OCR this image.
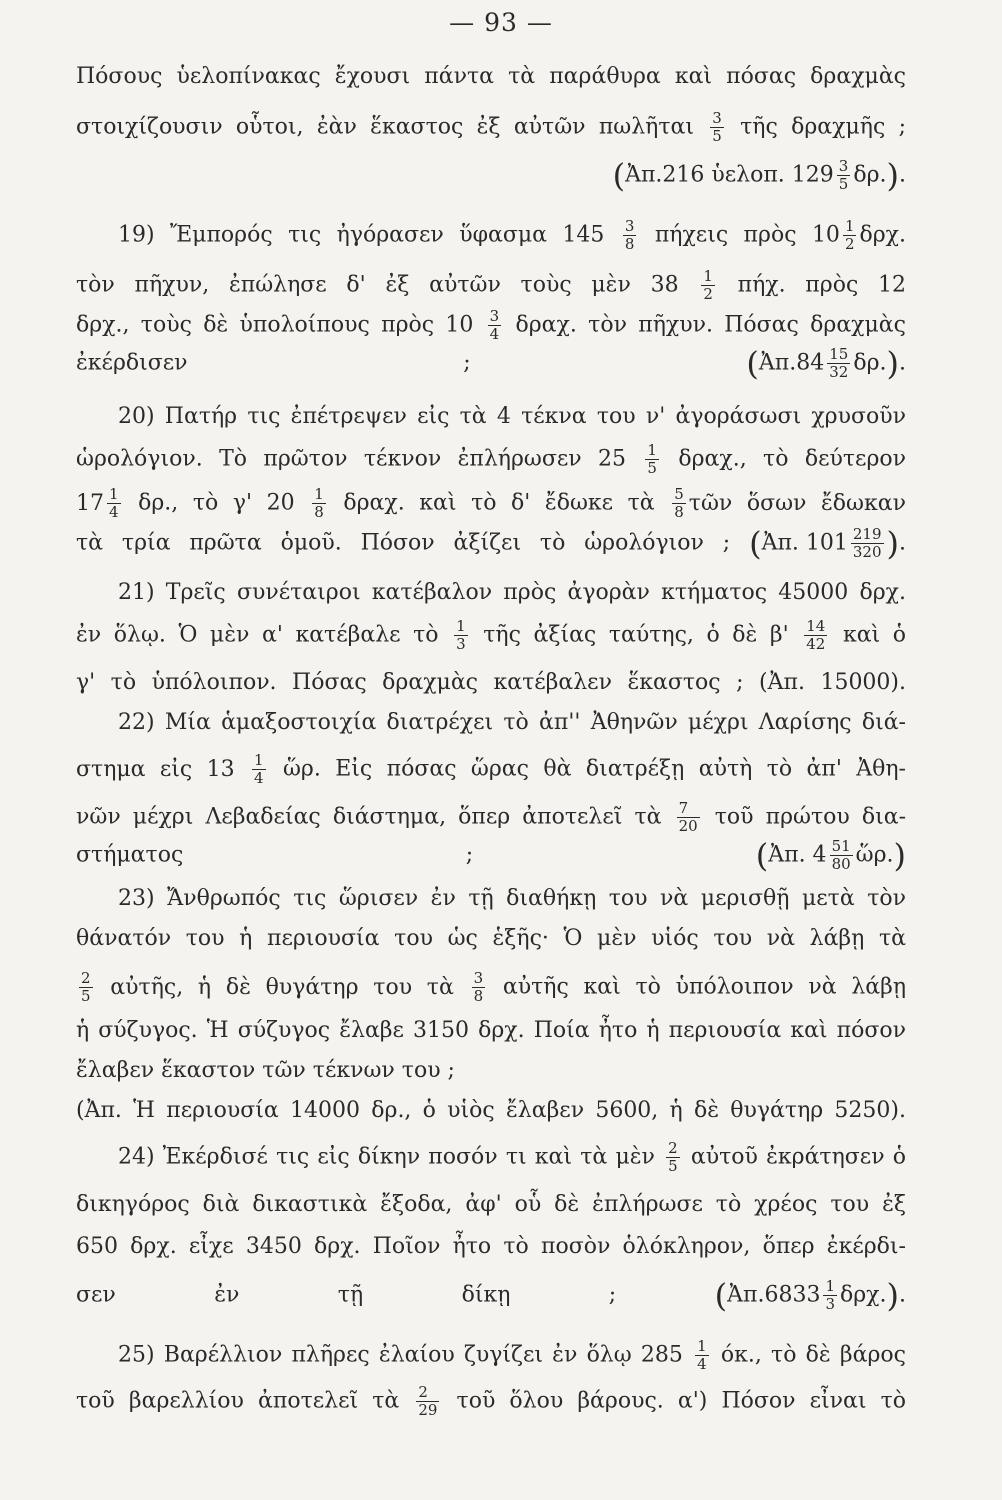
— 93 —
Πόσους ὑελοπίνακας ἔχουσι πάντα τὰ παράθυρα καὶ πόσας δραχμὰς
στοιχίζουσιν οὗτοι, ἐὰν ἕκαστος ἐξ αὐτῶν πωλῆται $\frac{3}{5}$ τῆς δραχμῆς ;
(Ἀπ.216 ὑελοπ. $129 \frac{3}{5} \delta\rho$.).
19) Ἔμπορός τις ἠγόρασεν ὕφασμα $145 \frac{3}{8}$ πήχεις πρὸς $10 \frac{1}{2} \delta\rho\chi$.
τὸν πῆχυν, ἐπώλησε δ' ἐξ αὐτῶν τοὺς μὲν $38 \frac{1}{2} \pi ή\chi$. πρὸς 12
δρχ., τοὺς δὲ ὑπολοίπους πρὸς $10 \frac{3}{4} \delta\rho\alpha\chi$. τὸν πῆχυν. Πόσας δραχμὰς
ἐκέρδισεν ;	(Ἀπ.84 $\frac{15}{32} \delta\rho$.).
20) Πατήρ τις ἐπέτρεψεν εἰς τὰ 4 τέκνα του ν' ἀγοράσωσι χρυσοῦν
ὡρολόγιον. Τὸ πρῶτον τέκνον ἐπλήρωσεν $25 \frac{1}{5} \delta\rho\alpha\chi$., τὸ δεύτερον
$17 \frac{1}{4} \delta\rho$., τὸ γ' $20 \frac{1}{8} \delta\rho\alpha\chi$. καὶ τὸ δ' ἔδωκε τὰ $\frac{5}{8}$ τῶν ὅσων ἔδωκαν
τὰ τρία πρῶτα ὁμοῦ. Πόσον ἀξίζει τὸ ὡρολόγιον ; (Ἀπ. $101 \frac{219}{320}$ ).
21) Τρεῖς συνέταιροι κατέβαλον πρὸς ἀγορὰν κτήματος 45000 δρχ.
ἐν ὅλῳ. Ὁ μὲν α' κατέβαλε τὸ $\frac{1}{3}$ τῆς ἀξίας ταύτης, ὁ δὲ $\beta' \frac{14}{42}$ καὶ ὁ
γ' τὸ ὑπόλοιπον. Πόσας δραχμὰς κατέβαλεν ἕκαστος ; (Ἀπ. 15000).
22) Μία ἁμαξοστοιχία διατρέχει τὸ ἀπ'' Ἀθηνῶν μέχρι Λαρίσης διά-
στημα εἰς $13 \frac{1}{4}$ ὥρ. Εἰς πόσας ὥρας θὰ διατρέξῃ αὐτὴ τὸ ἀπ' Ἀθη-
νῶν μέχρι Λεβαδείας διάστημα, ὅπερ ἀποτελεῖ τὰ $\frac{7}{20}$ τοῦ πρώτου δια-
στήματος ;	(Ἀπ. $4 \frac{51}{80}$ ὥρ.)
23) Ἄνθρωπός τις ὥρισεν ἐν τῇ διαθήκῃ του νὰ μερισθῇ μετὰ τὸν
θάνατόν του ἡ περιουσία του ὡς ἑξῆς· Ὁ μὲν υἱός του νὰ λάβῃ τὰ
$\frac{2}{5}$ αὐτῆς, ἡ δὲ θυγάτηρ του τὰ $\frac{3}{8}$ αὐτῆς καὶ τὸ ὑπόλοιπον νὰ λάβῃ
ἡ σύζυγος. Ἡ σύζυγος ἔλαβε 3150 δρχ. Ποία ἦτο ἡ περιουσία καὶ πόσον
ἔλαβεν ἕκαστον τῶν τέκνων του ;
(Ἀπ. Ἡ περιουσία 14000 δρ., ὁ υἱὸς ἔλαβεν 5600, ἡ δὲ θυγάτηρ 5250).
24) Ἐκέρδισέ τις εἰς δίκην ποσόν τι καὶ τὰ μὲν $\frac{2}{5}$ αὐτοῦ ἐκράτησεν ὁ
δικηγόρος διὰ δικαστικὰ ἔξοδα, ἀφ' οὗ δὲ ἐπλήρωσε τὸ χρέος του ἐξ
650 δρχ. εἶχε 3450 δρχ. Ποῖον ἦτο τὸ ποσὸν ὁλόκληρον, ὅπερ ἐκέρδι-
σεν ἐν τῇ δίκῃ ;	(Ἀπ.6833 $\frac{1}{3} \delta\rho\chi$.).
25) Βαρέλλιον πλῆρες ἐλαίου ζυγίζει ἐν ὅλῳ $285 \frac{1}{4} ό\kappa$., τὸ δὲ βάρος
τοῦ βαρελλίου ἀποτελεῖ τὰ $\frac{2}{29}$ τοῦ ὅλου βάρους. α') Πόσον εἶναι τὸ
